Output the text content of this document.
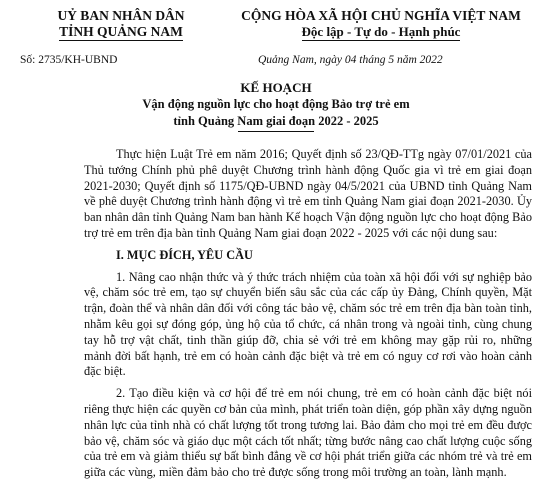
UỶ BAN NHÂN DÂN
TỈNH QUẢNG NAM
CỘNG HÒA XÃ HỘI CHỦ NGHĨA VIỆT NAM
Độc lập - Tự do - Hạnh phúc
Số: 2735/KH-UBND	Quảng Nam, ngày 04 tháng 5 năm 2022
KẾ HOẠCH
Vận động nguồn lực cho hoạt động Bảo trợ trẻ em
tỉnh Quảng Nam giai đoạn 2022 - 2025

Thực hiện Luật Trẻ em năm 2016; Quyết định số 23/QĐ-TTg ngày 07/01/2021 của Thủ tướng Chính phủ phê duyệt Chương trình hành động Quốc gia vì trẻ em giai đoạn 2021-2030; Quyết định số 1175/QĐ-UBND ngày 04/5/2021 của UBND tỉnh Quảng Nam về phê duyệt Chương trình hành động vì trẻ em tỉnh Quảng Nam giai đoạn 2021-2030. Ủy ban nhân dân tỉnh Quảng Nam ban hành Kế hoạch Vận động nguồn lực cho hoạt động Bảo trợ trẻ em trên địa bàn tỉnh Quảng Nam giai đoạn 2022 - 2025 với các nội dung sau:

I. MỤC ĐÍCH, YÊU CẦU

1. Nâng cao nhận thức và ý thức trách nhiệm của toàn xã hội đối với sự nghiệp bảo vệ, chăm sóc trẻ em, tạo sự chuyển biến sâu sắc của các cấp ủy Đảng, Chính quyền, Mặt trận, đoàn thể và nhân dân đối với công tác bảo vệ, chăm sóc trẻ em trên địa bàn toàn tỉnh, nhằm kêu gọi sự đóng góp, ủng hộ của tổ chức, cá nhân trong và ngoài tỉnh, cùng chung tay hỗ trợ vật chất, tinh thần giúp đỡ, chia sẻ với trẻ em không may gặp rủi ro, những mảnh đời bất hạnh, trẻ em có hoàn cảnh đặc biệt và trẻ em có nguy cơ rơi vào hoàn cảnh đặc biệt.

2. Tạo điều kiện và cơ hội để trẻ em nói chung, trẻ em có hoàn cảnh đặc biệt nói riêng thực hiện các quyền cơ bản của mình, phát triển toàn diện, góp phần xây dựng nguồn nhân lực của tỉnh nhà có chất lượng tốt trong tương lai. Bảo đảm cho mọi trẻ em đều được bảo vệ, chăm sóc và giáo dục một cách tốt nhất; từng bước nâng cao chất lượng cuộc sống của trẻ em và giảm thiểu sự bất bình đẳng về cơ hội phát triển giữa các nhóm trẻ và trẻ em giữa các vùng, miền đảm bảo cho trẻ được sống trong môi trường an toàn, lành mạnh.
